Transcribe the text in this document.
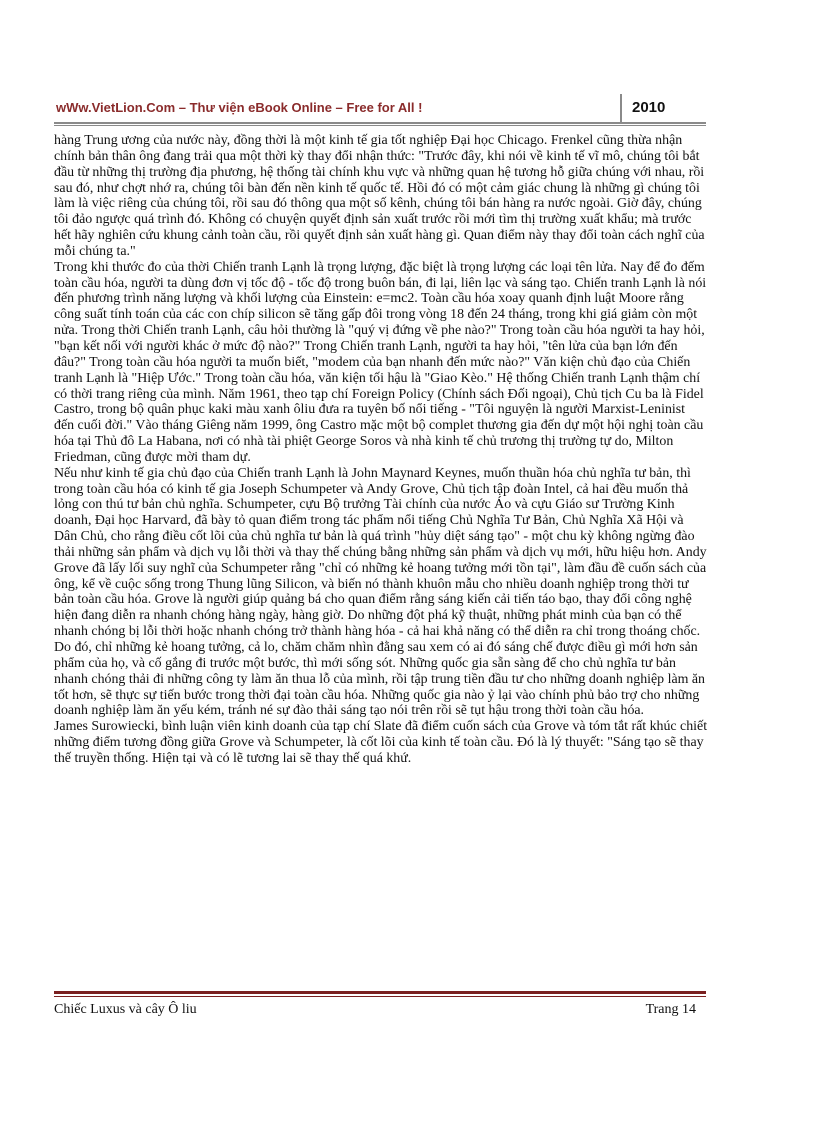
wWw.VietLion.Com – Thư viện eBook Online – Free for All !	2010

hàng Trung ương của nước này, đồng thời là một kinh tế gia tốt nghiệp Đại học Chicago. Frenkel cũng thừa nhận chính bản thân ông đang trải qua một thời kỳ thay đổi nhận thức: "Trước đây, khi nói về kinh tế vĩ mô, chúng tôi bắt đầu từ những thị trường địa phương, hệ thống tài chính khu vực và những quan hệ tương hỗ giữa chúng với nhau, rồi sau đó, như chợt nhớ ra, chúng tôi bàn đến nền kinh tế quốc tế. Hồi đó có một cảm giác chung là những gì chúng tôi làm là việc riêng của chúng tôi, rồi sau đó thông qua một số kênh, chúng tôi bán hàng ra nước ngoài. Giờ đây, chúng tôi đảo ngược quá trình đó. Không có chuyện quyết định sản xuất trước rồi mới tìm thị trường xuất khẩu; mà trước hết hãy nghiên cứu khung cảnh toàn cầu, rồi quyết định sản xuất hàng gì. Quan điểm này thay đổi toàn cách nghĩ của mỗi chúng ta."

Trong khi thước đo của thời Chiến tranh Lạnh là trọng lượng, đặc biệt là trọng lượng các loại tên lửa. Nay để đo đếm toàn cầu hóa, người ta dùng đơn vị tốc độ - tốc độ trong buôn bán, đi lại, liên lạc và sáng tạo. Chiến tranh Lạnh là nói đến phương trình năng lượng và khối lượng của Einstein: e=mc2. Toàn cầu hóa xoay quanh định luật Moore rằng công suất tính toán của các con chíp silicon sẽ tăng gấp đôi trong vòng 18 đến 24 tháng, trong khi giá giảm còn một nửa. Trong thời Chiến tranh Lạnh, câu hỏi thường là "quý vị đứng về phe nào?" Trong toàn cầu hóa người ta hay hỏi, "bạn kết nối với người khác ở mức độ nào?" Trong Chiến tranh Lạnh, người ta hay hỏi, "tên lửa của bạn lớn đến đâu?" Trong toàn cầu hóa người ta muốn biết, "modem của bạn nhanh đến mức nào?" Văn kiện chủ đạo của Chiến tranh Lạnh là "Hiệp Ước." Trong toàn cầu hóa, văn kiện tối hậu là "Giao Kèo." Hệ thống Chiến tranh Lạnh thậm chí có thời trang riêng của mình. Năm 1961, theo tạp chí Foreign Policy (Chính sách Đối ngoại), Chủ tịch Cu ba là Fidel Castro, trong bộ quân phục kaki màu xanh ôliu đưa ra tuyên bố nổi tiếng - "Tôi nguyện là người Marxist-Leninist đến cuối đời." Vào tháng Giêng năm 1999, ông Castro mặc một bộ complet thương gia đến dự một hội nghị toàn cầu hóa tại Thủ đô La Habana, nơi có nhà tài phiệt George Soros và nhà kinh tế chủ trương thị trường tự do, Milton Friedman, cũng được mời tham dự.

Nếu như kinh tế gia chủ đạo của Chiến tranh Lạnh là John Maynard Keynes, muốn thuần hóa chủ nghĩa tư bản, thì trong toàn cầu hóa có kinh tế gia Joseph Schumpeter và Andy Grove, Chủ tịch tập đoàn Intel, cả hai đều muốn thả lỏng con thú tư bản chủ nghĩa. Schumpeter, cựu Bộ trưởng Tài chính của nước Áo và cựu Giáo sư Trường Kinh doanh, Đại học Harvard, đã bày tỏ quan điểm trong tác phẩm nổi tiếng Chủ Nghĩa Tư Bản, Chủ Nghĩa Xã Hội và Dân Chủ, cho rằng điều cốt lõi của chủ nghĩa tư bản là quá trình "hủy diệt sáng tạo" - một chu kỳ không ngừng đào thải những sản phẩm và dịch vụ lỗi thời và thay thế chúng bằng những sản phẩm và dịch vụ mới, hữu hiệu hơn. Andy Grove đã lấy lối suy nghĩ của Schumpeter rằng "chỉ có những kẻ hoang tưởng mới tồn tại", làm đầu đề cuốn sách của ông, kể về cuộc sống trong Thung lũng Silicon, và biến nó thành khuôn mẫu cho nhiều doanh nghiệp trong thời tư bản toàn cầu hóa. Grove là người giúp quảng bá cho quan điểm rằng sáng kiến cải tiến táo bạo, thay đổi công nghệ hiện đang diễn ra nhanh chóng hàng ngày, hàng giờ. Do những đột phá kỹ thuật, những phát minh của bạn có thể nhanh chóng bị lỗi thời hoặc nhanh chóng trở thành hàng hóa - cả hai khả năng có thể diễn ra chỉ trong thoáng chốc. Do đó, chỉ những kẻ hoang tưởng, cả lo, chăm chăm nhìn đằng sau xem có ai đó sáng chế được điều gì mới hơn sản phẩm của họ, và cố gắng đi trước một bước, thì mới sống sót. Những quốc gia sẵn sàng để cho chủ nghĩa tư bản nhanh chóng thải đi những công ty làm ăn thua lỗ của mình, rồi tập trung tiền đầu tư cho những doanh nghiệp làm ăn tốt hơn, sẽ thực sự tiến bước trong thời đại toàn cầu hóa. Những quốc gia nào ỷ lại vào chính phủ bảo trợ cho những doanh nghiệp làm ăn yếu kém, tránh né sự đào thải sáng tạo nói trên rồi sẽ tụt hậu trong thời toàn cầu hóa.

James Surowiecki, bình luận viên kinh doanh của tạp chí Slate đã điểm cuốn sách của Grove và tóm tắt rất khúc chiết những điểm tương đồng giữa Grove và Schumpeter, là cốt lõi của kinh tế toàn cầu. Đó là lý thuyết: "Sáng tạo sẽ thay thế truyền thống. Hiện tại và có lẽ tương lai sẽ thay thế quá khứ.

Chiếc Luxus và cây Ô liu	Trang 14
